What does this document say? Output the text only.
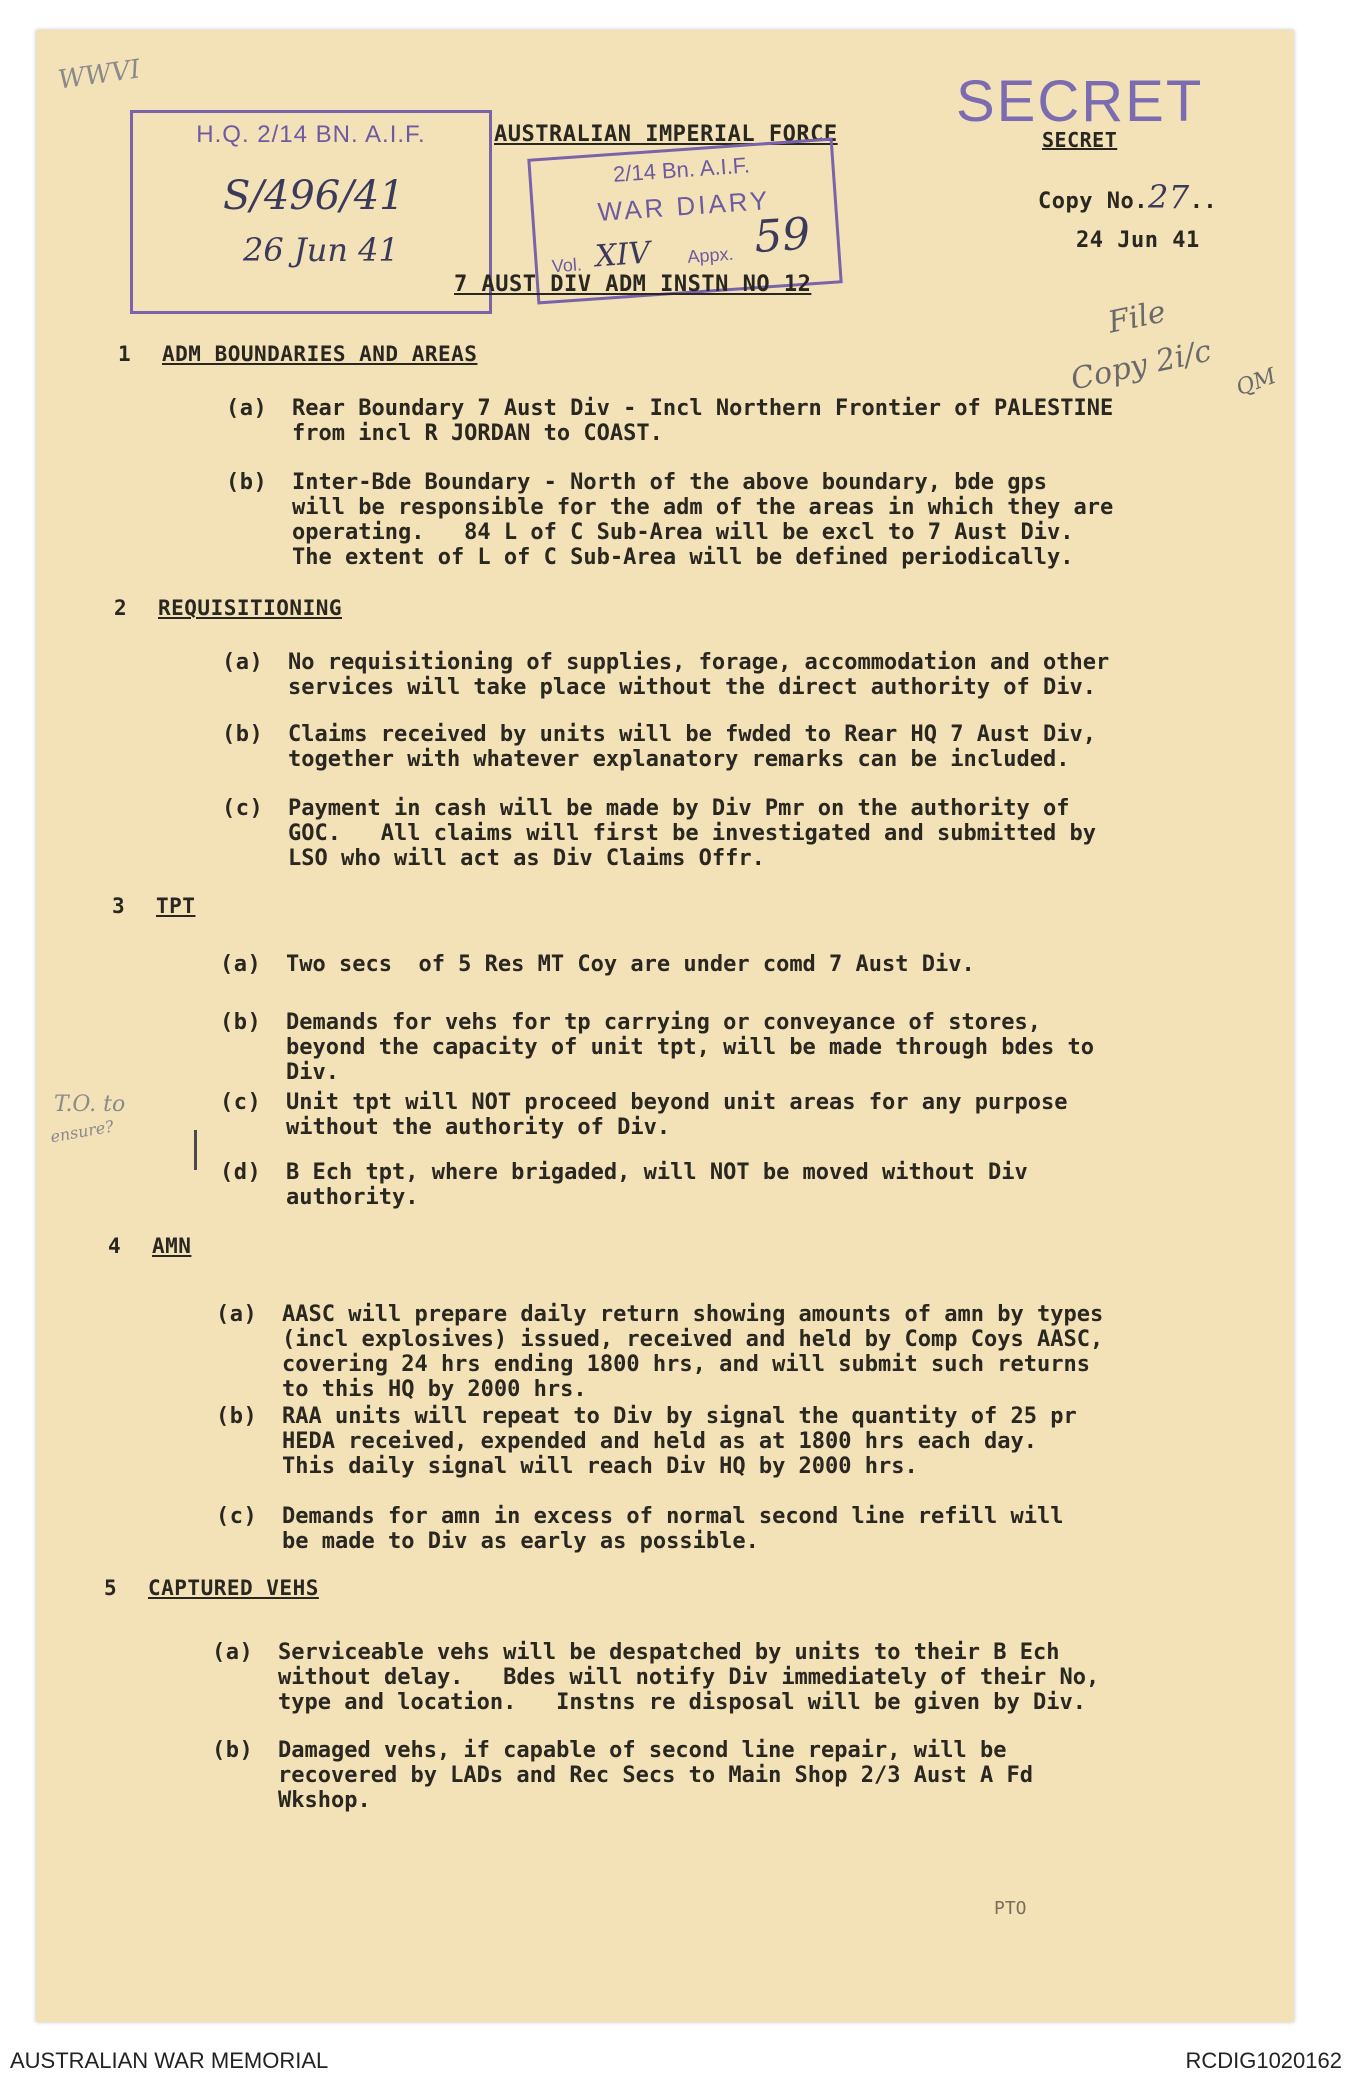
WWVI
H.Q. 2/14 BN. A.I.F.
S/496/41
26 Jun 41
AUSTRALIAN IMPERIAL FORCE
2/14 Bn. A.I.F.
WAR DIARY
Vol. XIV Appx. 59
SECRET
SECRET
Copy No.27..
24 Jun 41
File
Copy 2i/c QM
7 AUST DIV ADM INSTN NO 12
1 ADM BOUNDARIES AND AREAS
(a) Rear Boundary 7 Aust Div - Incl Northern Frontier of PALESTINE
from incl R JORDAN to COAST.
(b) Inter-Bde Boundary - North of the above boundary, bde gps
will be responsible for the adm of the areas in which they are
operating.   84 L of C Sub-Area will be excl to 7 Aust Div.
The extent of L of C Sub-Area will be defined periodically.
2 REQUISITIONING
(a) No requisitioning of supplies, forage, accommodation and other
services will take place without the direct authority of Div.
(b) Claims received by units will be fwded to Rear HQ 7 Aust Div,
together with whatever explanatory remarks can be included.
(c) Payment in cash will be made by Div Pmr on the authority of
GOC.   All claims will first be investigated and submitted by
LSO who will act as Div Claims Offr.
3 TPT
(a) Two secs  of 5 Res MT Coy are under comd 7 Aust Div.
(b) Demands for vehs for tp carrying or conveyance of stores,
beyond the capacity of unit tpt, will be made through bdes to
Div.
(c) Unit tpt will NOT proceed beyond unit areas for any purpose
without the authority of Div.
(d) B Ech tpt, where brigaded, will NOT be moved without Div
authority.
4 AMN
(a) AASC will prepare daily return showing amounts of amn by types
(incl explosives) issued, received and held by Comp Coys AASC,
covering 24 hrs ending 1800 hrs, and will submit such returns
to this HQ by 2000 hrs.
(b) RAA units will repeat to Div by signal the quantity of 25 pr
HEDA received, expended and held as at 1800 hrs each day.
This daily signal will reach Div HQ by 2000 hrs.
(c) Demands for amn in excess of normal second line refill will
be made to Div as early as possible.
5 CAPTURED VEHS
(a) Serviceable vehs will be despatched by units to their B Ech
without delay.   Bdes will notify Div immediately of their No,
type and location.   Instns re disposal will be given by Div.
(b) Damaged vehs, if capable of second line repair, will be
recovered by LADs and Rec Secs to Main Shop 2/3 Aust A Fd
Wkshop.
T.O. to
ensure?
PTO
AUSTRALIAN WAR MEMORIAL	RCDIG1020162
